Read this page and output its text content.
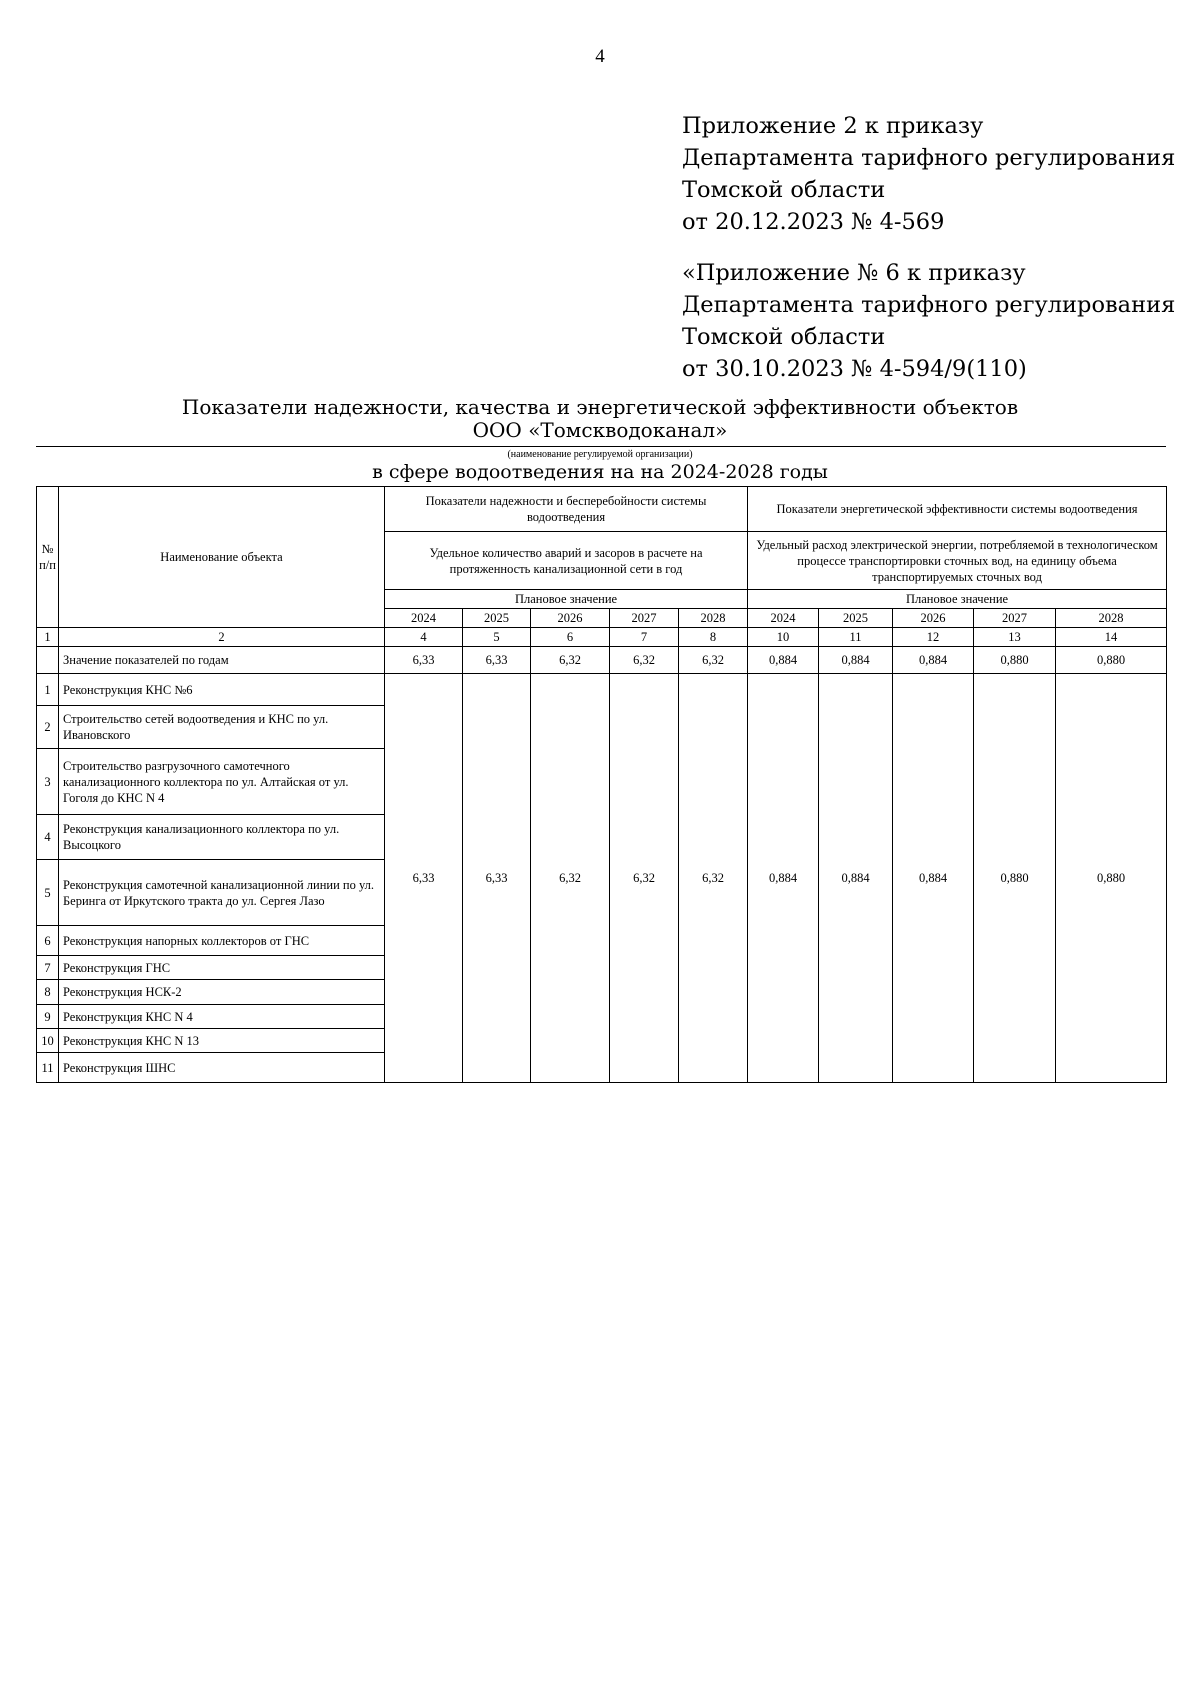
4
Приложение 2 к приказу
Департамента тарифного регулирования
Томской области
от 20.12.2023 № 4-569
«Приложение № 6 к приказу
Департамента тарифного регулирования
Томской области
от 30.10.2023 № 4-594/9(110)
Показатели надежности, качества и энергетической эффективности объектов
ООО «Томскводоканал»
(наименование регулируемой организации)
в сфере водоотведения на на 2024-2028 годы
№ п/п	Наименование объекта	Показатели надежности и бесперебойности системы водоотведения					Показатели энергетической эффективности системы водоотведения				
		Удельное количество аварий и засоров в расчете на протяженность канализационной сети в год					Удельный расход электрической энергии, потребляемой в технологическом процессе транспортировки сточных вод, на единицу объема транспортируемых сточных вод				
		Плановое значение					Плановое значение				
		2024	2025	2026	2027	2028	2024	2025	2026	2027	2028

1	2	4	5	6	7	8	10	11	12	13	14
	Значение показателей по годам	6,33	6,33	6,32	6,32	6,32	0,884	0,884	0,884	0,880	0,880
1	Реконструкция КНС №6	6,33	6,33	6,32	6,32	6,32	0,884	0,884	0,884	0,880	0,880
2	Строительство сетей водоотведения и КНС по ул. Ивановского										
3	Строительство разгрузочного самотечного канализационного коллектора по ул. Алтайская от ул. Гоголя до КНС N 4										
4	Реконструкция канализационного коллектора по ул. Высоцкого										
5	Реконструкция самотечной канализационной линии по ул. Беринга от Иркутского тракта до ул. Сергея Лазо										
6	Реконструкция напорных коллекторов от ГНС										
7	Реконструкция ГНС										
8	Реконструкция НСК-2										
9	Реконструкция КНС N 4										
10	Реконструкция КНС N 13										
11	Реконструкция ШНС										
